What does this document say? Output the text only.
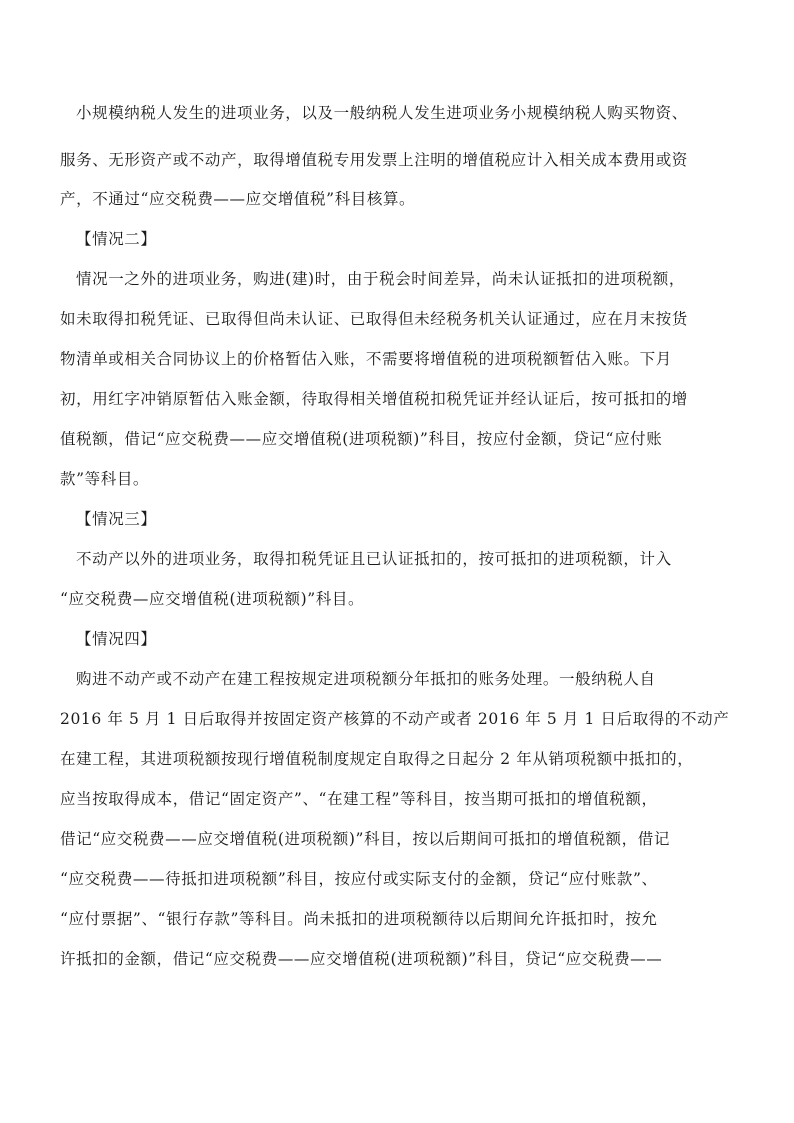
小规模纳税人发生的进项业务，以及一般纳税人发生进项业务小规模纳税人购买物资、
服务、无形资产或不动产，取得增值税专用发票上注明的增值税应计入相关成本费用或资
产，不通过“应交税费——应交增值税”科目核算。
【情况二】
情况一之外的进项业务，购进(建)时，由于税会时间差异，尚未认证抵扣的进项税额，
如未取得扣税凭证、已取得但尚未认证、已取得但未经税务机关认证通过，应在月末按货
物清单或相关合同协议上的价格暂估入账，不需要将增值税的进项税额暂估入账。下月
初，用红字冲销原暂估入账金额，待取得相关增值税扣税凭证并经认证后，按可抵扣的增
值税额，借记“应交税费——应交增值税(进项税额)”科目，按应付金额，贷记“应付账
款”等科目。
【情况三】
不动产以外的进项业务，取得扣税凭证且已认证抵扣的，按可抵扣的进项税额，计入
“应交税费—应交增值税(进项税额)”科目。
【情况四】
购进不动产或不动产在建工程按规定进项税额分年抵扣的账务处理。一般纳税人自
2016 年 5 月 1 日后取得并按固定资产核算的不动产或者 2016 年 5 月 1 日后取得的不动产
在建工程，其进项税额按现行增值税制度规定自取得之日起分 2 年从销项税额中抵扣的，
应当按取得成本，借记“固定资产”、“在建工程”等科目，按当期可抵扣的增值税额，
借记“应交税费——应交增值税(进项税额)”科目，按以后期间可抵扣的增值税额，借记
“应交税费——待抵扣进项税额”科目，按应付或实际支付的金额，贷记“应付账款”、
“应付票据”、“银行存款”等科目。尚未抵扣的进项税额待以后期间允许抵扣时，按允
许抵扣的金额，借记“应交税费——应交增值税(进项税额)”科目，贷记“应交税费——
